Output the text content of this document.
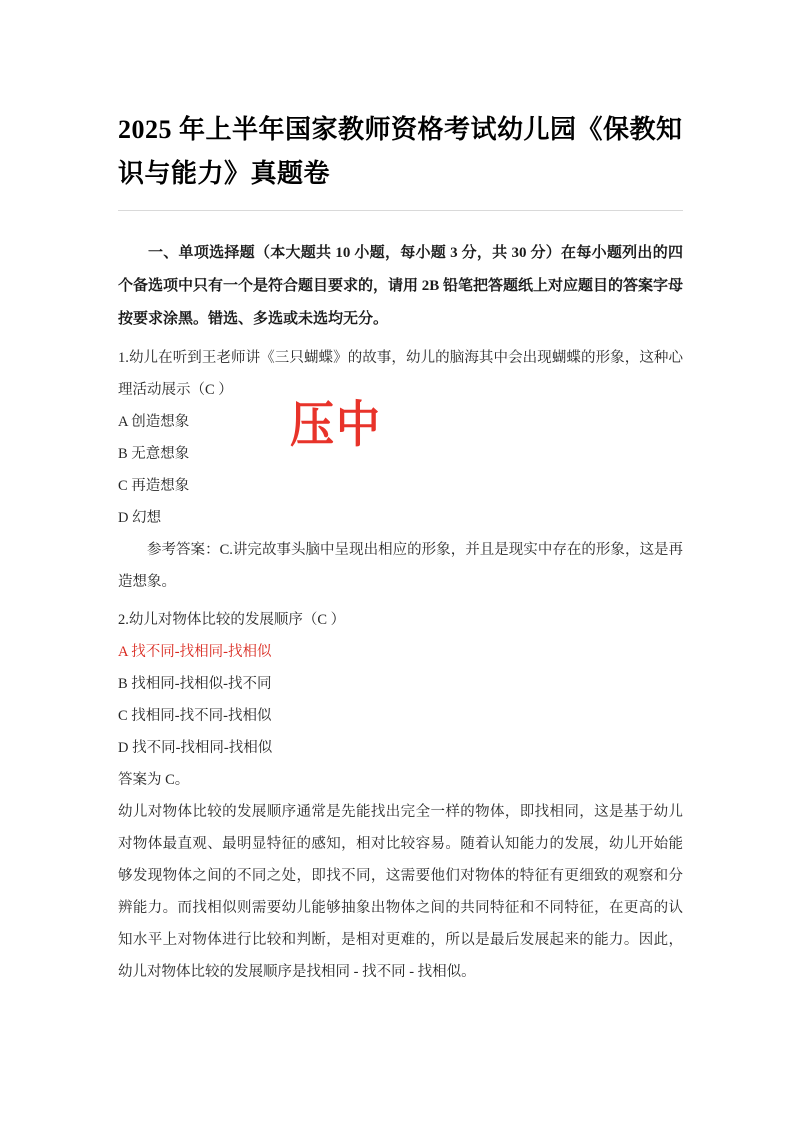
2025 年上半年国家教师资格考试幼儿园《保教知识与能力》真题卷

一、单项选择题（本大题共 10 小题，每小题 3 分，共 30 分）在每小题列出的四个备选项中只有一个是符合题目要求的，请用 2B 铅笔把答题纸上对应题目的答案字母按要求涂黑。错选、多选或未选均无分。

1.幼儿在听到王老师讲《三只蝴蝶》的故事，幼儿的脑海其中会出现蝴蝶的形象，这种心理活动展示（C ）

A 创造想象

B 无意想象

C 再造想象

D 幻想

参考答案：C.讲完故事头脑中呈现出相应的形象，并且是现实中存在的形象，这是再造想象。

2.幼儿对物体比较的发展顺序（C ）

A 找不同-找相同-找相似

B 找相同-找相似-找不同

C 找相同-找不同-找相似

D 找不同-找相同-找相似

答案为 C。

幼儿对物体比较的发展顺序通常是先能找出完全一样的物体，即找相同，这是基于幼儿对物体最直观、最明显特征的感知，相对比较容易。随着认知能力的发展，幼儿开始能够发现物体之间的不同之处，即找不同，这需要他们对物体的特征有更细致的观察和分辨能力。而找相似则需要幼儿能够抽象出物体之间的共同特征和不同特征，在更高的认知水平上对物体进行比较和判断，是相对更难的，所以是最后发展起来的能力。因此，幼儿对物体比较的发展顺序是找相同 - 找不同 - 找相似。

压中
